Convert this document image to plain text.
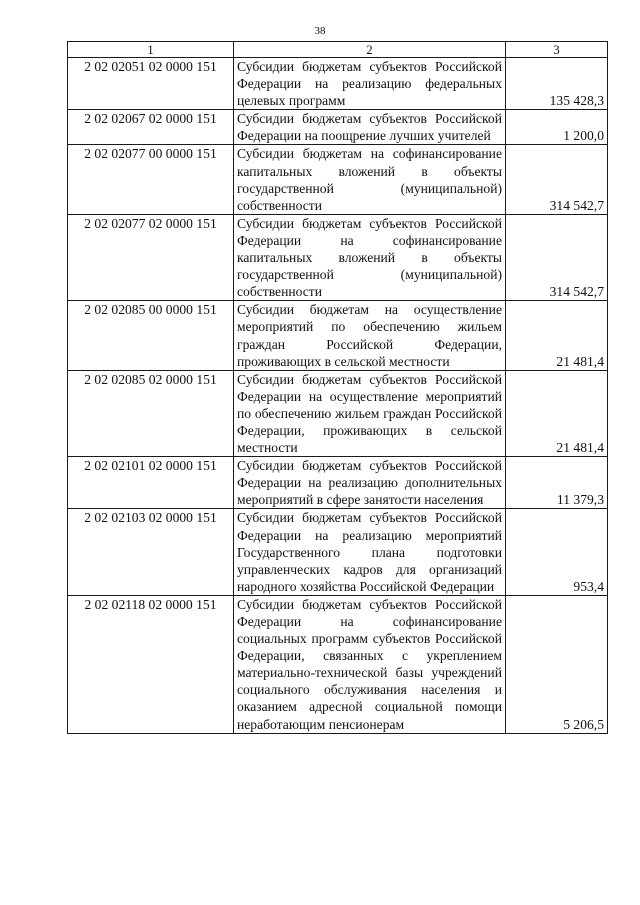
38
1	2	3
2 02 02051 02 0000 151	Субсидии бюджетам субъектов Российской Федерации на реализацию федеральных целевых программ	135 428,3
2 02 02067 02 0000 151	Субсидии бюджетам субъектов Российской Федерации на поощрение лучших учителей	1 200,0
2 02 02077 00 0000 151	Субсидии бюджетам на софинансирование капитальных вложений в объекты государственной (муниципальной) собственности	314 542,7
2 02 02077 02 0000 151	Субсидии бюджетам субъектов Российской Федерации на софинансирование капитальных вложений в объекты государственной (муниципальной) собственности	314 542,7
2 02 02085 00 0000 151	Субсидии бюджетам на осуществление мероприятий по обеспечению жильем граждан Российской Федерации, проживающих в сельской местности	21 481,4
2 02 02085 02 0000 151	Субсидии бюджетам субъектов Российской Федерации на осуществление мероприятий по обеспечению жильем граждан Российской Федерации, проживающих в сельской местности	21 481,4
2 02 02101 02 0000 151	Субсидии бюджетам субъектов Российской Федерации на реализацию дополнительных мероприятий в сфере занятости населения	11 379,3
2 02 02103 02 0000 151	Субсидии бюджетам субъектов Российской Федерации на реализацию мероприятий Государственного плана подготовки управленческих кадров для организаций народного хозяйства Российской Федерации	953,4
2 02 02118 02 0000 151	Субсидии бюджетам субъектов Российской Федерации на софинансирование социальных программ субъектов Российской Федерации, связанных с укреплением материально-технической базы учреждений социального обслуживания населения и оказанием адресной социальной помощи неработающим пенсионерам	5 206,5
